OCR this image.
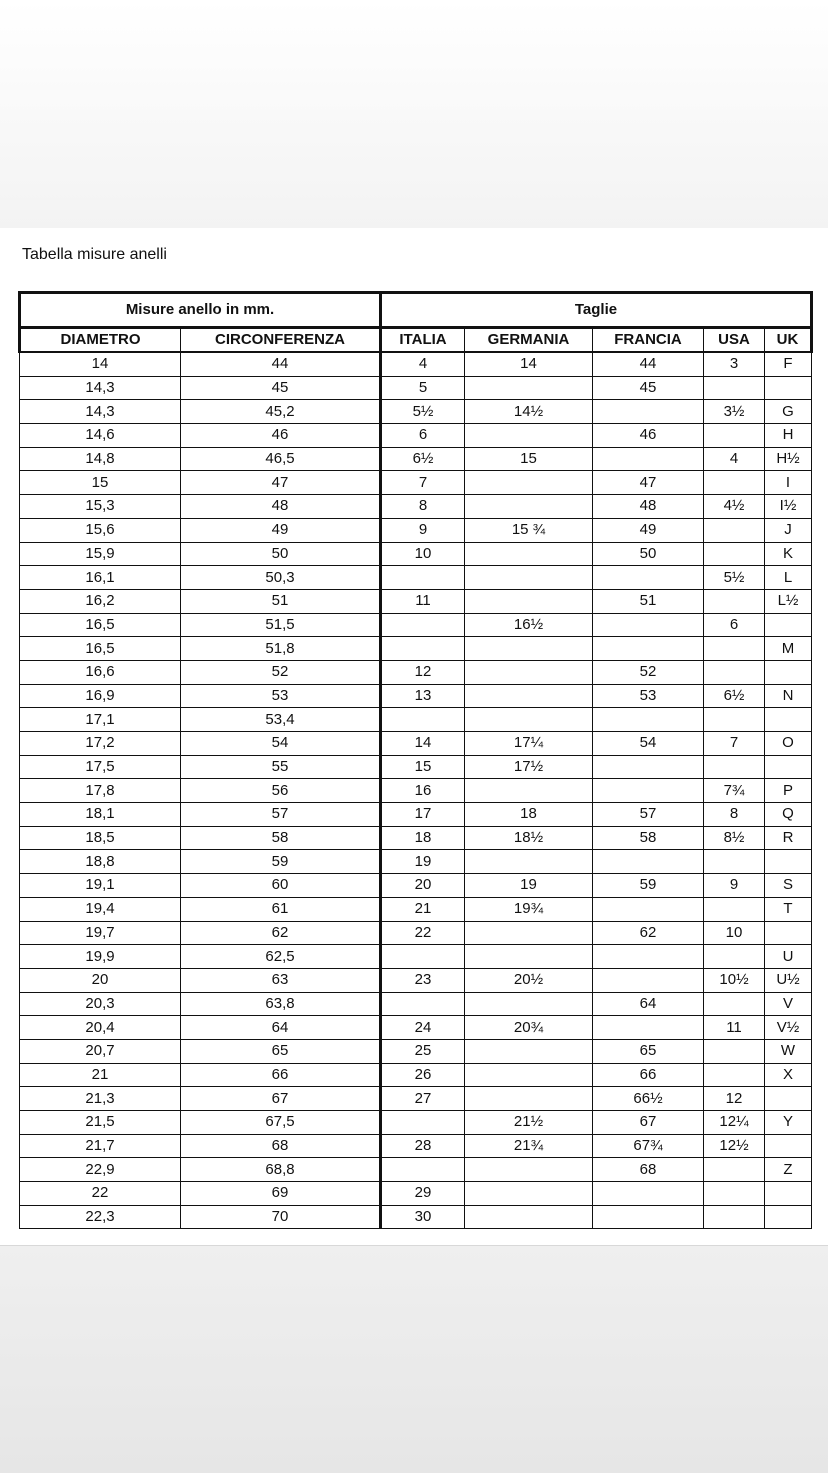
Tabella misure anelli
Misure anello in mm.		Taglie				
DIAMETRO	CIRCONFERENZA	ITALIA	GERMANIA	FRANCIA	USA	UK
14	44	4	14	44	3	F
14,3	45	5		45		
14,3	45,2	5½	14½		3½	G
14,6	46	6		46		H
14,8	46,5	6½	15		4	H½
15	47	7		47		I
15,3	48	8		48	4½	I½
15,6	49	9	15 ¾	49		J
15,9	50	10		50		K
16,1	50,3				5½	L
16,2	51	11		51		L½
16,5	51,5		16½		6	
16,5	51,8					M
16,6	52	12		52		
16,9	53	13		53	6½	N
17,1	53,4					
17,2	54	14	17¼	54	7	O
17,5	55	15	17½			
17,8	56	16			7¾	P
18,1	57	17	18	57	8	Q
18,5	58	18	18½	58	8½	R
18,8	59	19				
19,1	60	20	19	59	9	S
19,4	61	21	19¾			T
19,7	62	22		62	10	
19,9	62,5					U
20	63	23	20½		10½	U½
20,3	63,8			64		V
20,4	64	24	20¾		11	V½
20,7	65	25		65		W
21	66	26		66		X
21,3	67	27		66½	12	
21,5	67,5		21½	67	12¼	Y
21,7	68	28	21¾	67¾	12½	
22,9	68,8			68		Z
22	69	29				
22,3	70	30				
